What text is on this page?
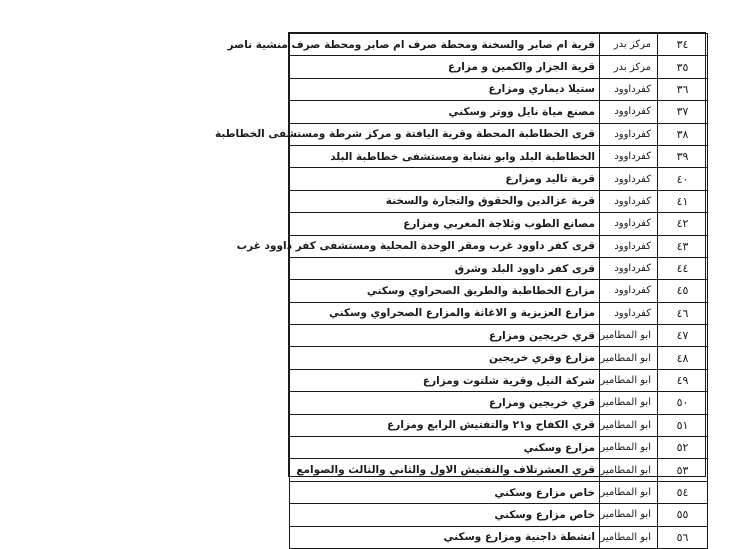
قرية ام صابر والسخنة ومحطة صرف ام صابر ومحطة صرف منشية ناصر	مركز بدر	٣٤
قرية الجزار والكمين و مزارع	مركز بدر	٣٥
ستيلا ديماري ومزارع	كفرداوود	٣٦
مصنع مياة نايل ووتر وسكني	كفرداوود	٣٧
قرى الخطاطبة المحطة وقرية اليافتة و مركز شرطة ومستشفى الخطاطبة	كفرداوود	٣٨
الخطاطبة البلد وابو نشابة ومستشفى خطاطبة البلد	كفرداوود	٣٩
قرية تاليد ومزارع	كفرداوود	٤٠
قرية عزالدين والحقوق والتجارة والسخنة	كفرداوود	٤١
مصانع الطوب وثلاجة المغربي ومزارع	كفرداوود	٤٢
قرى كفر داوود غرب ومقر الوحدة المحلية ومستشفى كفر داوود غرب	كفرداوود	٤٣
قرى كفر داوود البلد وشرق	كفرداوود	٤٤
مزارع الخطاطبة والطريق الصحراوي وسكني	كفرداوود	٤٥
مزارع العزيزية و الاغاثة والمزارع الصحراوي وسكني	كفرداوود	٤٦
قري خريجين ومزارع	ابو المطامير	٤٧
مزارع وقري خريجين	ابو المطامير	٤٨
شركة النيل وقرية شلتوت ومزارع	ابو المطامير	٤٩
قري خريجين ومزارع	ابو المطامير	٥٠
قري الكفاح و٢١ والتفتيش الرابع ومزارع	ابو المطامير	٥١
مزارع وسكني	ابو المطامير	٥٢
قري العشرتلاف والتفتيش الاول والثاني والثالث والصوامع	ابو المطامير	٥٣
خاص مزارع وسكني	ابو المطامير	٥٤
خاص مزارع وسكني	ابو المطامير	٥٥
انشطة داجنية ومزارع وسكني	ابو المطامير	٥٦
